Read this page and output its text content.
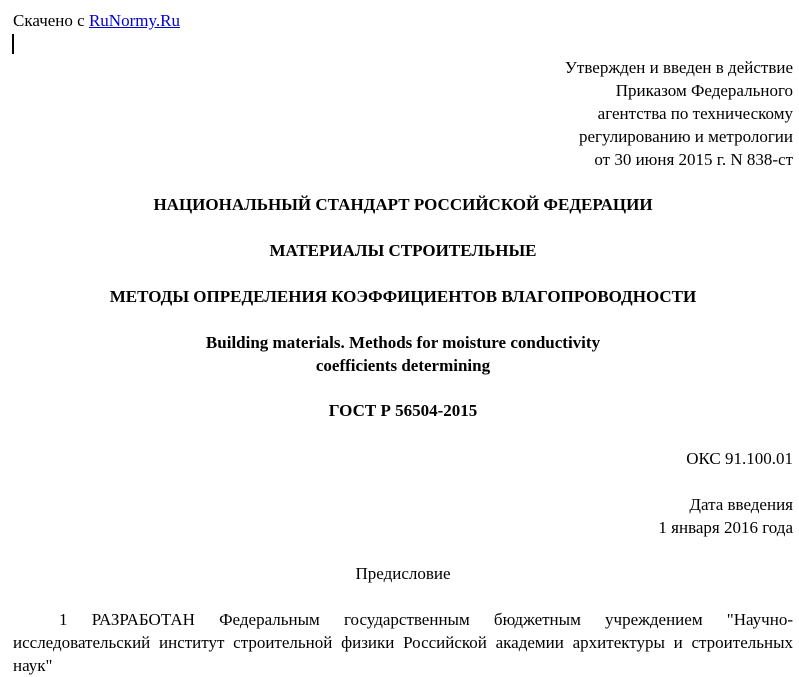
Скачено с RuNormy.Ru
Утвержден и введен в действие
Приказом Федерального
агентства по техническому
регулированию и метрологии
от 30 июня 2015 г. N 838-ст
НАЦИОНАЛЬНЫЙ СТАНДАРТ РОССИЙСКОЙ ФЕДЕРАЦИИ
МАТЕРИАЛЫ СТРОИТЕЛЬНЫЕ
МЕТОДЫ ОПРЕДЕЛЕНИЯ КОЭФФИЦИЕНТОВ ВЛАГОПРОВОДНОСТИ
Building materials. Methods for moisture conductivity
coefficients determining
ГОСТ Р 56504-2015
ОКС 91.100.01
Дата введения
1 января 2016 года
Предисловие
1 РАЗРАБОТАН Федеральным государственным бюджетным учреждением "Научно-исследовательский институт строительной физики Российской академии архитектуры и строительных наук"
